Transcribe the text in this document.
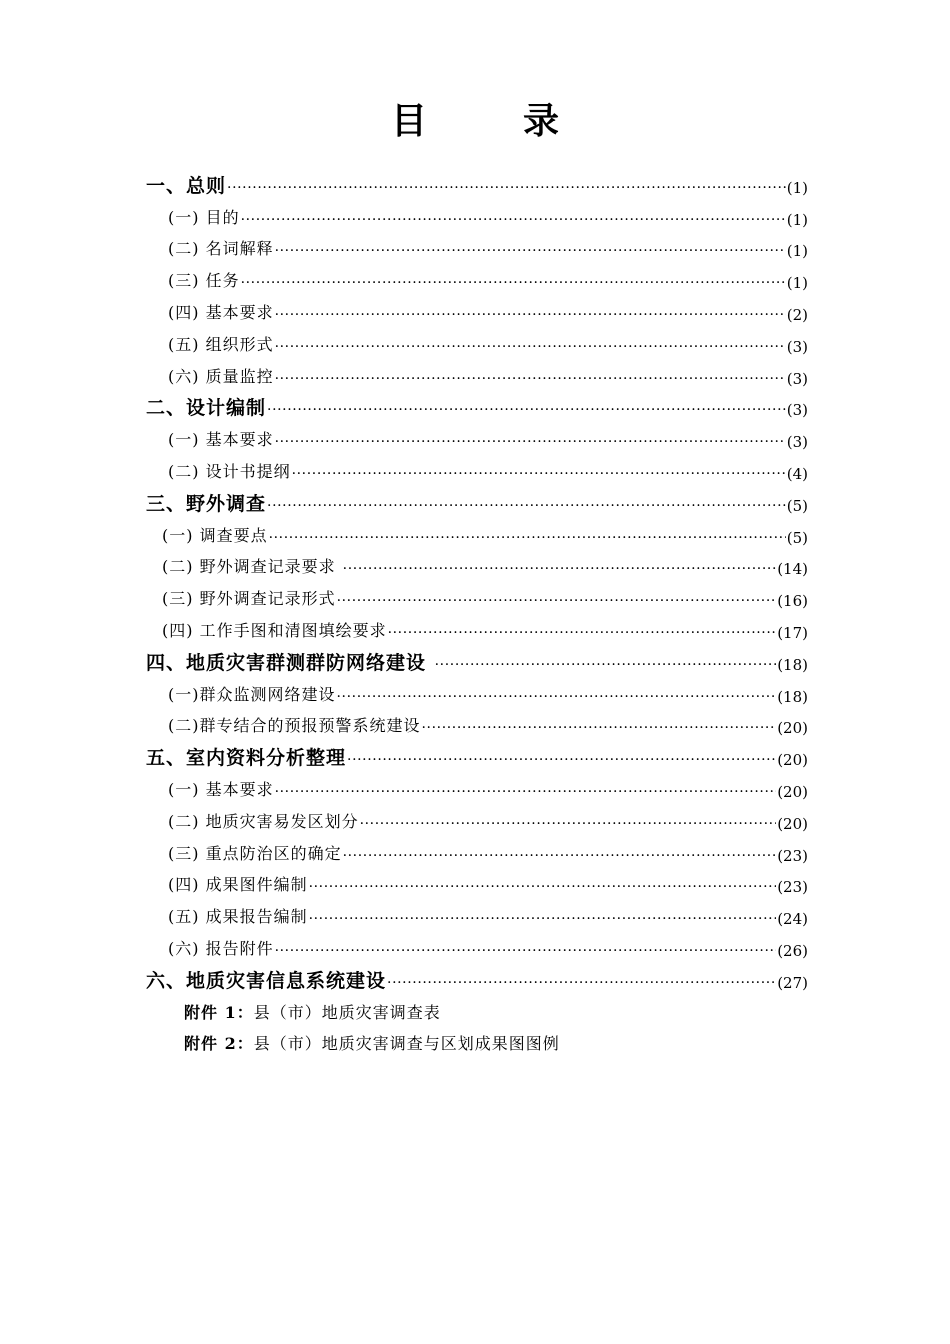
目　录
一、总则 ·····	(1)
(一) 目的 ·····	(1)
(二) 名词解释 ·····	(1)
(三) 任务 ·····	(1)
(四) 基本要求 ·····	(2)
(五) 组织形式 ·····	(3)
(六) 质量监控 ·····	(3)
二、设计编制 ·····	(3)
(一) 基本要求 ·····	(3)
(二) 设计书提纲 ·····	(4)
三、野外调查 ·····	(5)
(一) 调查要点 ·····	(5)
(二) 野外调查记录要求 ·····	(14)
(三) 野外调查记录形式 ·····	(16)
(四) 工作手图和清图填绘要求 ·····	(17)
四、地质灾害群测群防网络建设 ·····	(18)
(一)群众监测网络建设 ·····	(18)
(二)群专结合的预报预警系统建设 ·····	(20)
五、室内资料分析整理 ·····	(20)
(一) 基本要求 ·····	(20)
(二) 地质灾害易发区划分 ·····	(20)
(三) 重点防治区的确定 ·····	(23)
(四) 成果图件编制 ·····	(23)
(五) 成果报告编制 ·····	(24)
(六) 报告附件 ·····	(26)
六、地质灾害信息系统建设 ·····	(27)
附件 1： 县（市）地质灾害调查表
附件 2： 县（市）地质灾害调查与区划成果图图例
